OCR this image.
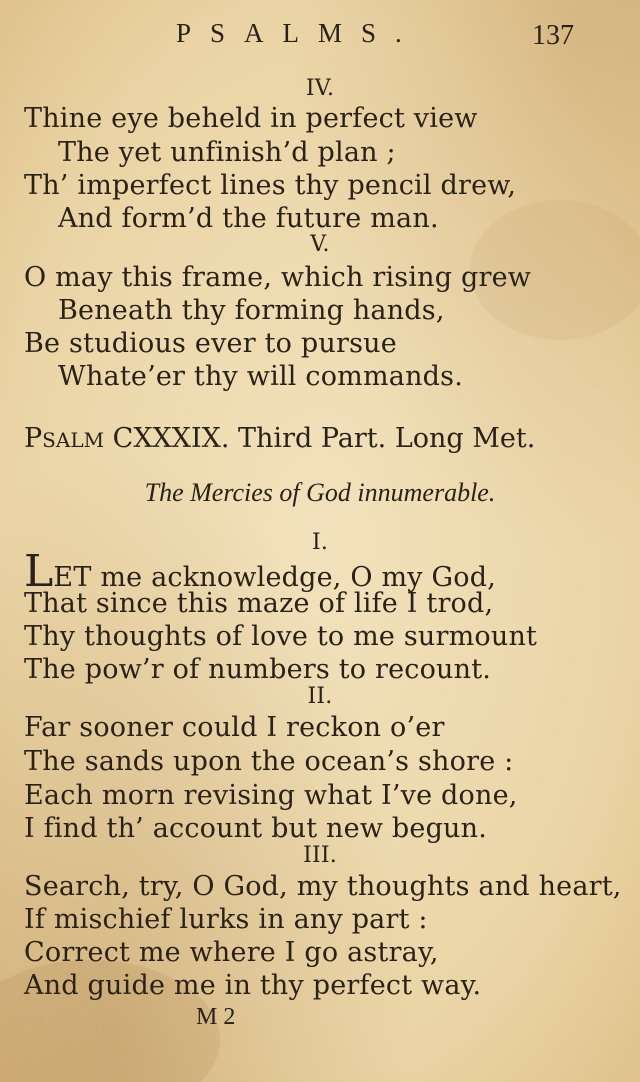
PSALMS.	137
IV.
Thine eye beheld in perfect view
The yet unfinish’d plan ;
Th’ imperfect lines thy pencil drew,
And form’d the future man.
V.
O may this frame, which rising grew
Beneath thy forming hands,
Be studious ever to pursue
Whate’er thy will commands.
PSALM CXXXIX. Third Part. Long Met.
The Mercies of God innumerable.
I.
LET me acknowledge, O my God,
That since this maze of life I trod,
Thy thoughts of love to me surmount
The pow’r of numbers to recount.
II.
Far sooner could I reckon o’er
The sands upon the ocean’s shore :
Each morn revising what I’ve done,
I find th’ account but new begun.
III.
Search, try, O God, my thoughts and heart,
If mischief lurks in any part :
Correct me where I go astray,
And guide me in thy perfect way.
M 2
